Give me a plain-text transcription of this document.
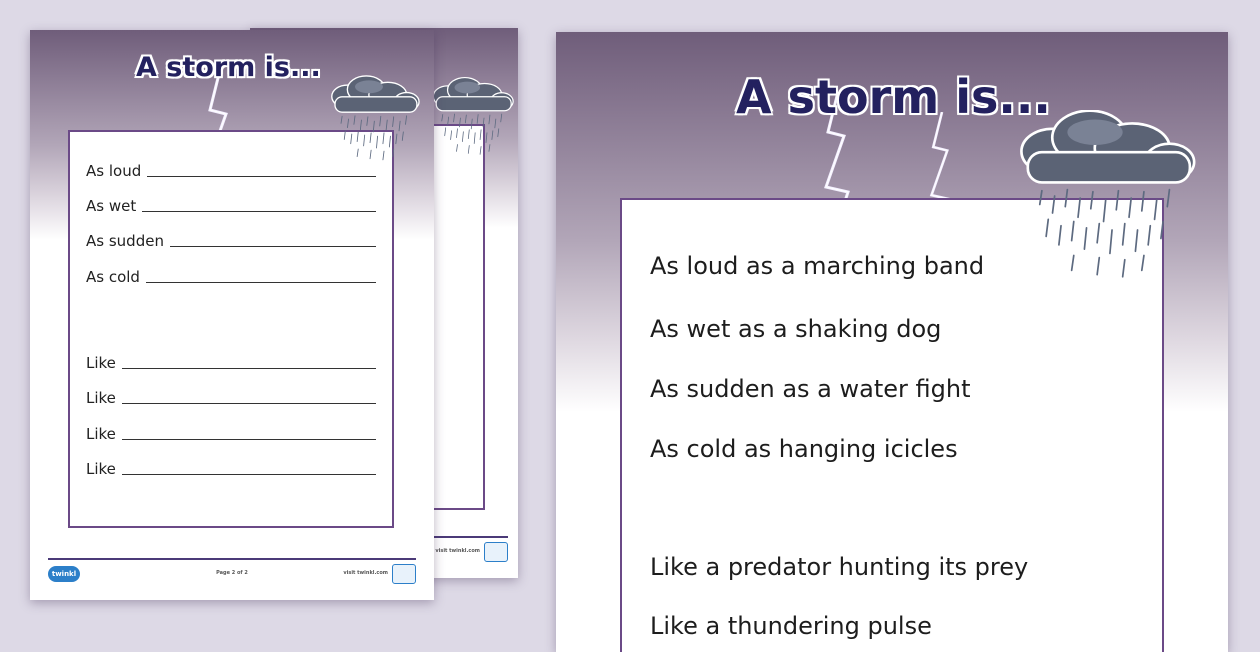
visit twinkl.com
A storm is...
As loud
As wet
As sudden
As cold
Like
Like
Like
Like
twinkl	Page 2 of 2	visit twinkl.com
A storm is...
As loud as a marching band
As wet as a shaking dog
As sudden as a water fight
As cold as hanging icicles
Like a predator hunting its prey
Like a thundering pulse
